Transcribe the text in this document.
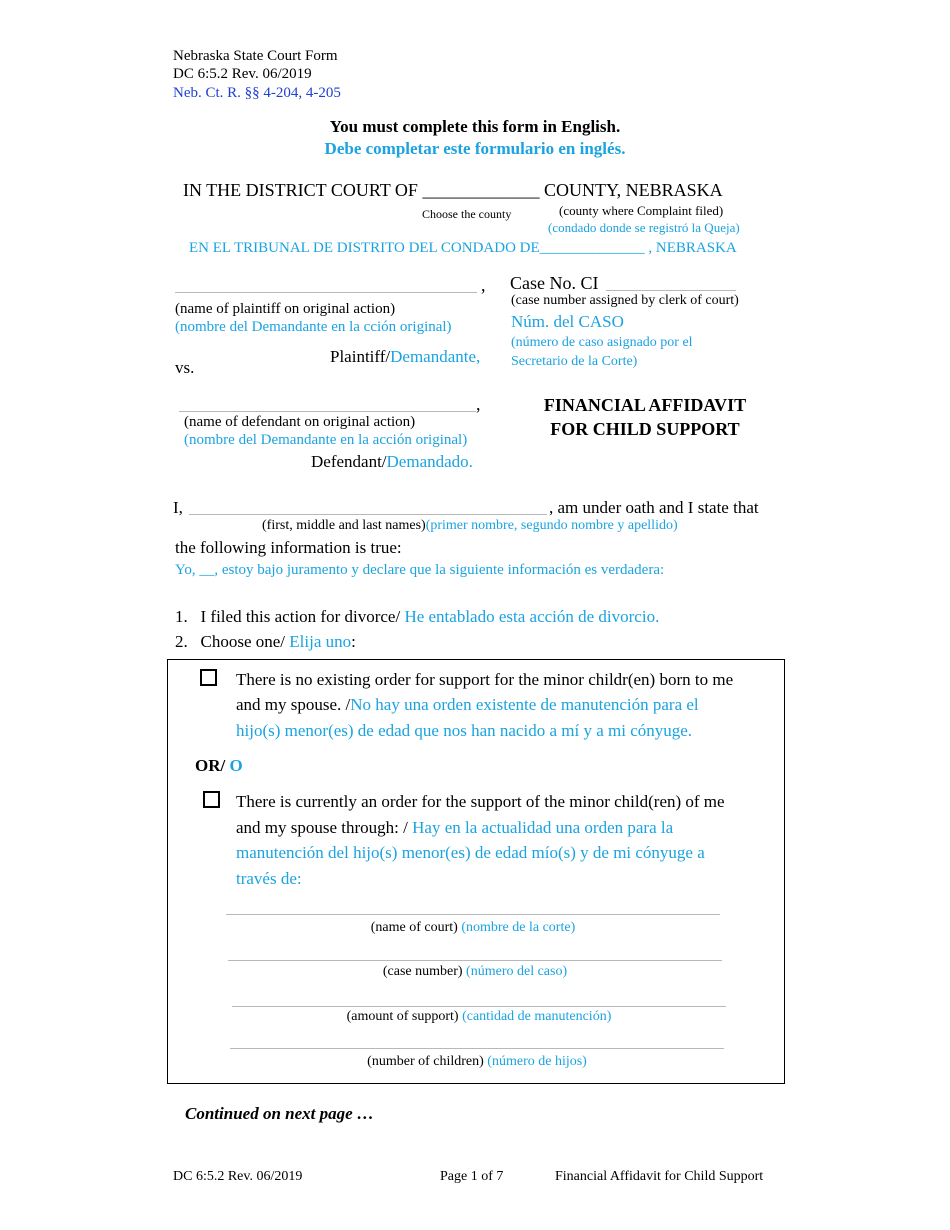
Nebraska State Court Form
DC 6:5.2 Rev. 06/2019
Neb. Ct. R. §§ 4-204, 4-205
You must complete this form in English.
Debe completar este formulario en inglés.
IN THE DISTRICT COURT OF _____________ COUNTY, NEBRASKA
Choose the county	(county where Complaint filed)
(condado donde se registró la Queja)
EN EL TRIBUNAL DE DISTRITO DEL CONDADO DE______________ , NEBRASKA
,
(name of plaintiff on original action)
(nombre del Demandante en la cción original)
Plaintiff/Demandante,
vs.
,
(name of defendant on original action)
(nombre del Demandante en la acción original)
Defendant/Demandado.
Case No. CI
(case number assigned by clerk of court)
Núm. del CASO
(número de caso asignado por el
Secretario de la Corte)
FINANCIAL AFFIDAVIT
FOR CHILD SUPPORT
I,	, am under oath and I state that
(first, middle and last names)(primer nombre, segundo nombre y apellido)
the following information is true:
Yo, __, estoy bajo juramento y declare que la siguiente información es verdadera:
1. I filed this action for divorce/ He entablado esta acción de divorcio.
2. Choose one/ Elija uno:
There is no existing order for support for the minor childr(en) born to me
and my spouse. /No hay una orden existente de manutención para el
hijo(s) menor(es) de edad que nos han nacido a mí y a mi cónyuge.
OR/ O
There is currently an order for the support of the minor child(ren) of me
and my spouse through: / Hay en la actualidad una orden para la
manutención del hijo(s) menor(es) de edad mío(s) y de mi cónyuge a
través de:
(name of court) (nombre de la corte)
(case number) (número del caso)
(amount of support) (cantidad de manutención)
(number of children) (número de hijos)
Continued on next page …
DC 6:5.2 Rev. 06/2019	Page 1 of 7	Financial Affidavit for Child Support
